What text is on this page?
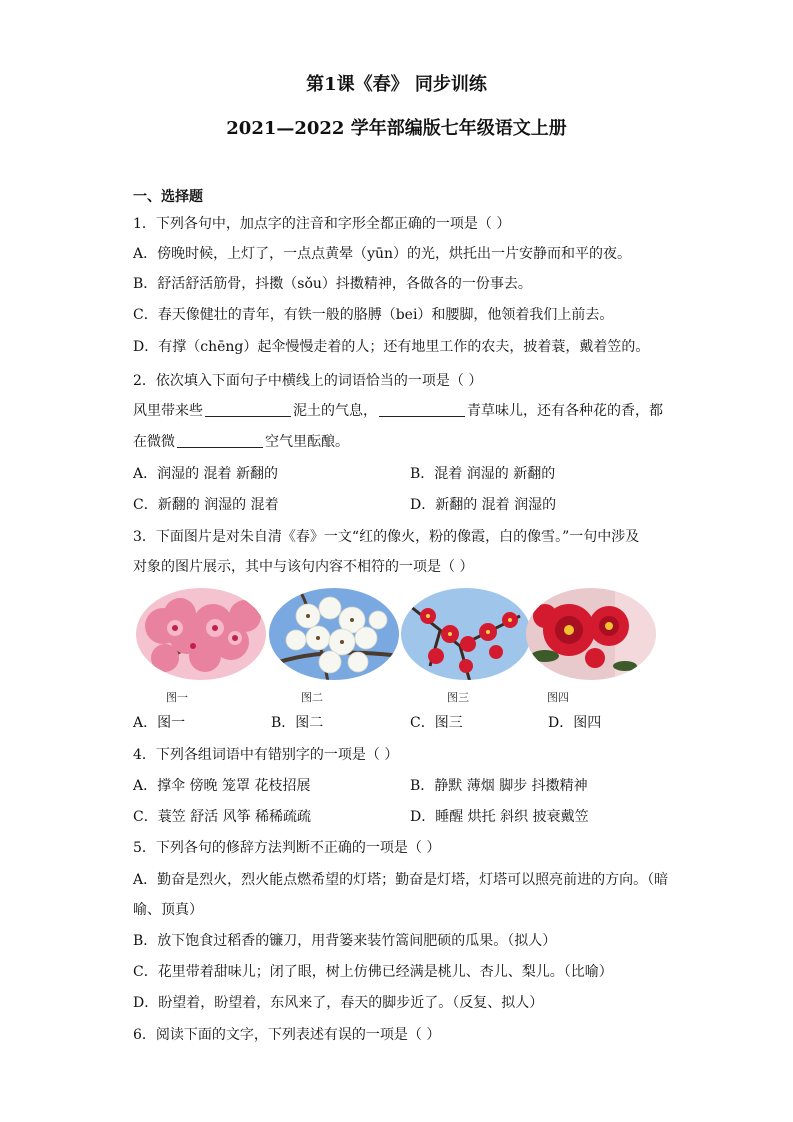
第1课《春》 同步训练
2021—2022 学年部编版七年级语文上册
一、选择题
1．下列各句中，加点字的注音和字形全都正确的一项是（ ）
A．傍晚时候，上灯了，一点点黄晕（yūn）的光，烘托出一片安静而和平的夜。
B．舒活舒活筋骨，抖擞（sǒu）抖擞精神，各做各的一份事去。
C．春天像健壮的青年，有铁一般的胳膊（bei）和腰脚，他领着我们上前去。
D．有撑（chēng）起伞慢慢走着的人；还有地里工作的农夫，披着蓑，戴着笠的。
2．依次填入下面句子中横线上的词语恰当的一项是（ ）
风里带来些	泥土的气息，	青草味儿，还有各种花的香，都
在微微	空气里酝酿。
A．润湿的 混着 新翻的	B．混着 润湿的 新翻的
C．新翻的 润湿的 混着	D．新翻的 混着 润湿的
3．下面图片是对朱自清《春》一文“红的像火，粉的像霞，白的像雪。”一句中涉及
对象的图片展示，其中与该句内容不相符的一项是（ ）
图一	图二	图三	图四
A．图一	B．图二	C．图三	D．图四
4．下列各组词语中有错别字的一项是（ ）
A．撑伞 傍晚 笼罩 花枝招展	B．静默 薄烟 脚步 抖擞精神
C．蓑笠 舒活 风筝 稀稀疏疏	D．睡醒 烘托 斜织 披衰戴笠
5．下列各句的修辞方法判断不正确的一项是（ ）
A．勤奋是烈火，烈火能点燃希望的灯塔；勤奋是灯塔，灯塔可以照亮前进的方向。（暗
喻、顶真）
B．放下饱食过稻香的镰刀，用背篓来装竹篙间肥硕的瓜果。（拟人）
C．花里带着甜味儿；闭了眼，树上仿佛已经满是桃儿、杏儿、梨儿。（比喻）
D．盼望着，盼望着，东风来了，春天的脚步近了。（反复、拟人）
6．阅读下面的文字，下列表述有误的一项是（ ）
